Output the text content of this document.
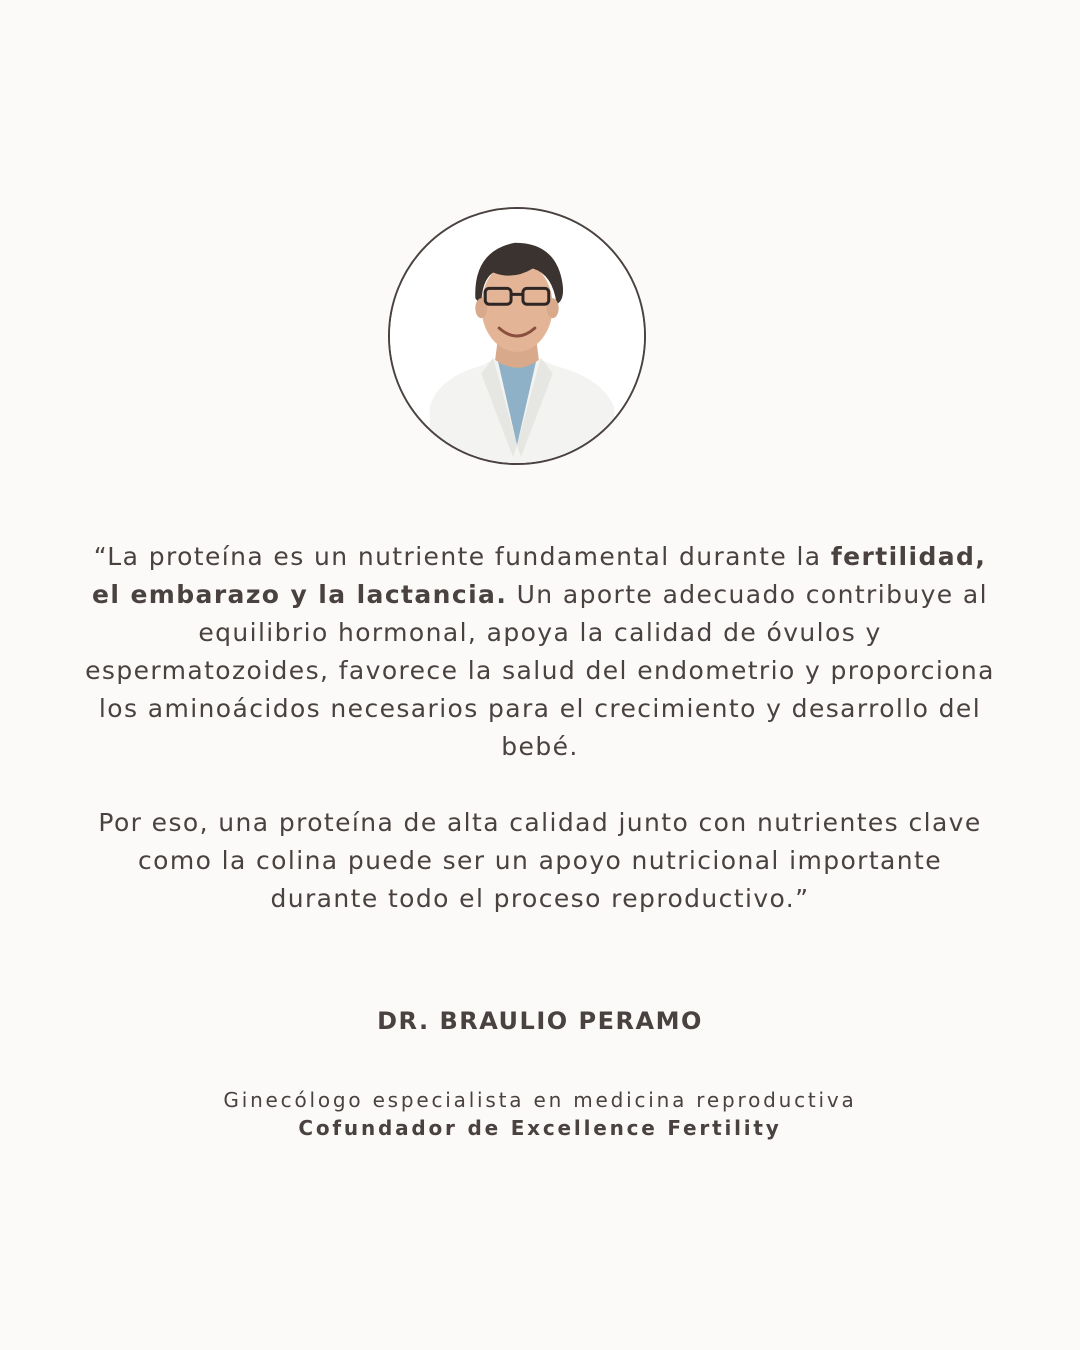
“La proteína es un nutriente fundamental durante la fertilidad, el embarazo y la lactancia. Un aporte adecuado contribuye al equilibrio hormonal, apoya la calidad de óvulos y espermatozoides, favorece la salud del endometrio y proporciona los aminoácidos necesarios para el crecimiento y desarrollo del bebé.

Por eso, una proteína de alta calidad junto con nutrientes clave como la colina puede ser un apoyo nutricional importante durante todo el proceso reproductivo.”

DR. BRAULIO PERAMO
Ginecólogo especialista en medicina reproductiva
Cofundador de Excellence Fertility
